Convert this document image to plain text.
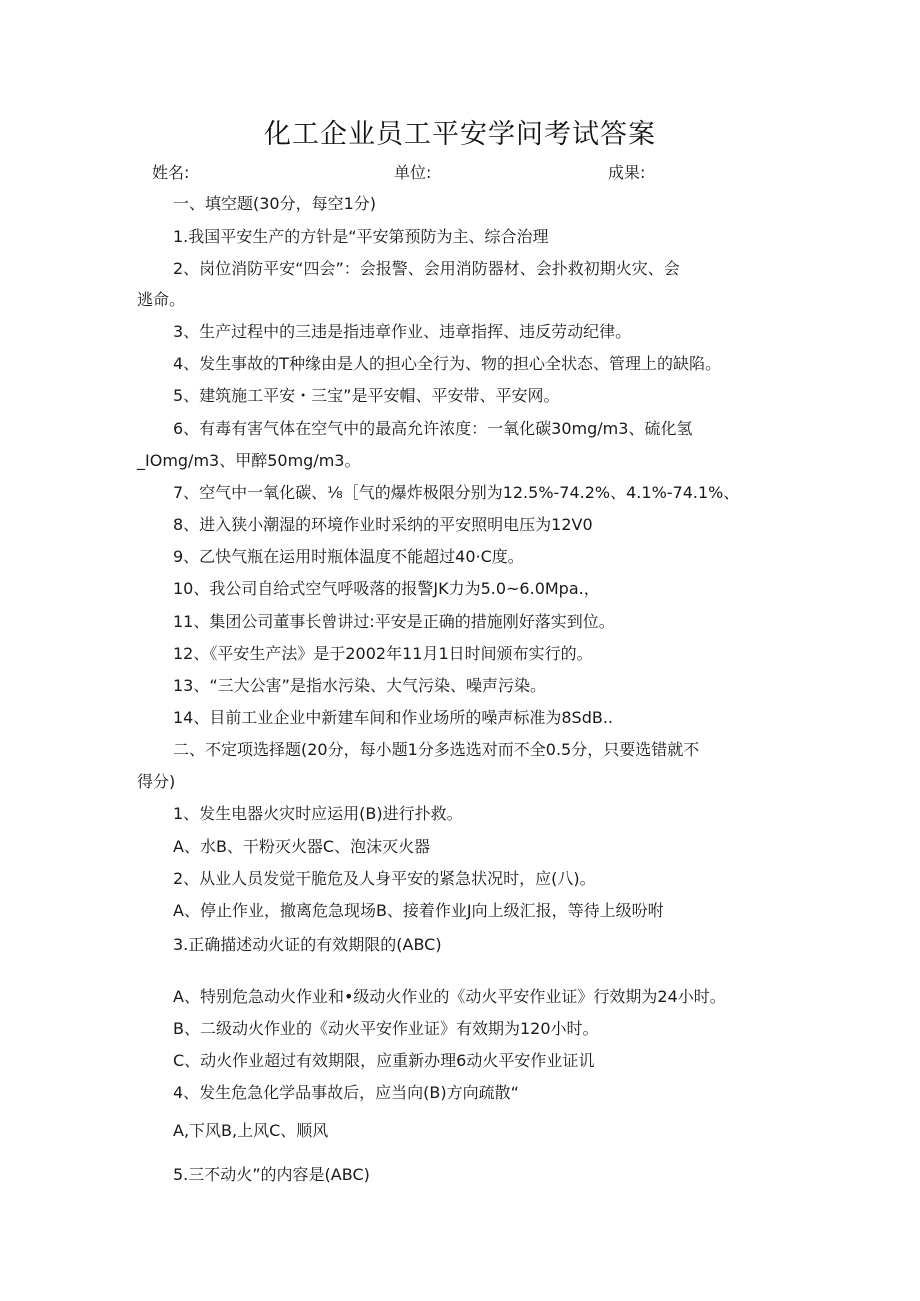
化工企业员工平安学问考试答案
姓名:	单位:	成果:
一、填空题(30分，每空1分)
1.我国平安生产的方针是“平安第预防为主、综合治理
2、岗位消防平安“四会”：会报警、会用消防器材、会扑救初期火灾、会
逃命。
3、生产过程中的三违是指违章作业、违章指挥、违反劳动纪律。
4、发生事故的T种缘由是人的担心全行为、物的担心全状态、管理上的缺陷。
5、建筑施工平安・三宝”是平安帽、平安带、平安网。
6、有毒有害气体在空气中的最高允许浓度：一氧化碳30mg∕m3、硫化氢
_IOmg/m3、甲醉50mg∕m3。
7、空气中一氧化碳、⅛［气的爆炸极限分别为12.5%-74.2%、4.1%-74.1%、
8、进入狭小潮湿的环境作业时采纳的平安照明电压为12V0
9、乙快气瓶在运用时瓶体温度不能超过40·C度。
10、我公司自给式空气呼吸落的报警JK力为5.0~6.0Mpa.，
11、集团公司董事长曾讲过:平安是正确的措施刚好落实到位。
12、《平安生产法》是于2002年11月1日时间颁布实行的。
13、“三大公害”是指水污染、大气污染、噪声污染。
14、目前工业企业中新建车间和作业场所的噪声标准为8SdB..
二、不定项选择题(20分，每小题1分多选选对而不全0.5分，只要选错就不
得分)
1、发生电器火灾时应运用(B)进行扑救。
A、水B、干粉灭火器C、泡沫灭火器
2、从业人员发觉干脆危及人身平安的紧急状况时，应(八)。
A、停止作业，撤离危急现场B、接着作业J向上级汇报，等待上级吩咐
3.正确描述动火证的有效期限的(ABC)
A、特别危急动火作业和•级动火作业的《动火平安作业证》行效期为24小时。
B、二级动火作业的《动火平安作业证》有效期为120小时。
C、动火作业超过有效期限，应重新办理6动火平安作业证讥
4、发生危急化学品事故后，应当向(B)方向疏散“
A,下风B,上风C、顺风
5.三不动火”的内容是(ABC)
